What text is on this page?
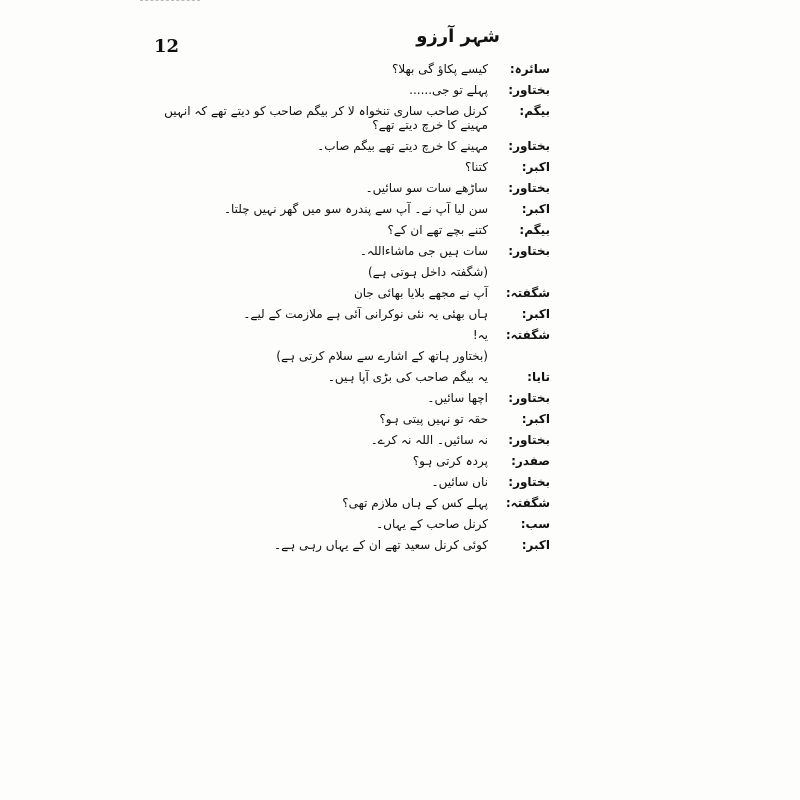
شہر آرزو
12
سائرہ:
کیسے پکاؤ گی بھلا؟
بختاور:
پہلے تو جی......
بیگم:
کرنل صاحب ساری تنخواہ لا کر بیگم صاحب کو دیتے تھے کہ انہیں مہینے کا خرچ دیتے تھے؟
بختاور:
مہینے کا خرچ دیتے تھے بیگم صاب۔
اکبر:
کتنا؟
بختاور:
ساڑھے سات سو سائیں۔
اکبر:
سن لیا آپ نے۔ آپ سے پندرہ سو میں گھر نہیں چلتا۔
بیگم:
کتنے بچے تھے ان کے؟
بختاور:
سات ہیں جی ماشاءاللہ۔
(شگفتہ داخل ہوتی ہے)
شگفتہ:
آپ نے مجھے بلایا بھائی جان
اکبر:
ہاں بھئی یہ نئی نوکرانی آئی ہے ملازمت کے لیے۔
شگفتہ:
یہ!
(بختاور ہاتھ کے اشارے سے سلام کرتی ہے)
تایا:
یہ بیگم صاحب کی بڑی آپا ہیں۔
بختاور:
اچھا سائیں۔
اکبر:
حقہ تو نہیں پیتی ہو؟
بختاور:
نہ سائیں۔ اللہ نہ کرے۔
صفدر:
پردہ کرتی ہو؟
بختاور:
ناں سائیں۔
شگفتہ:
پہلے کس کے ہاں ملازم تھی؟
سب:
کرنل صاحب کے یہاں۔
اکبر:
کوئی کرنل سعید تھے ان کے یہاں رہی ہے۔
